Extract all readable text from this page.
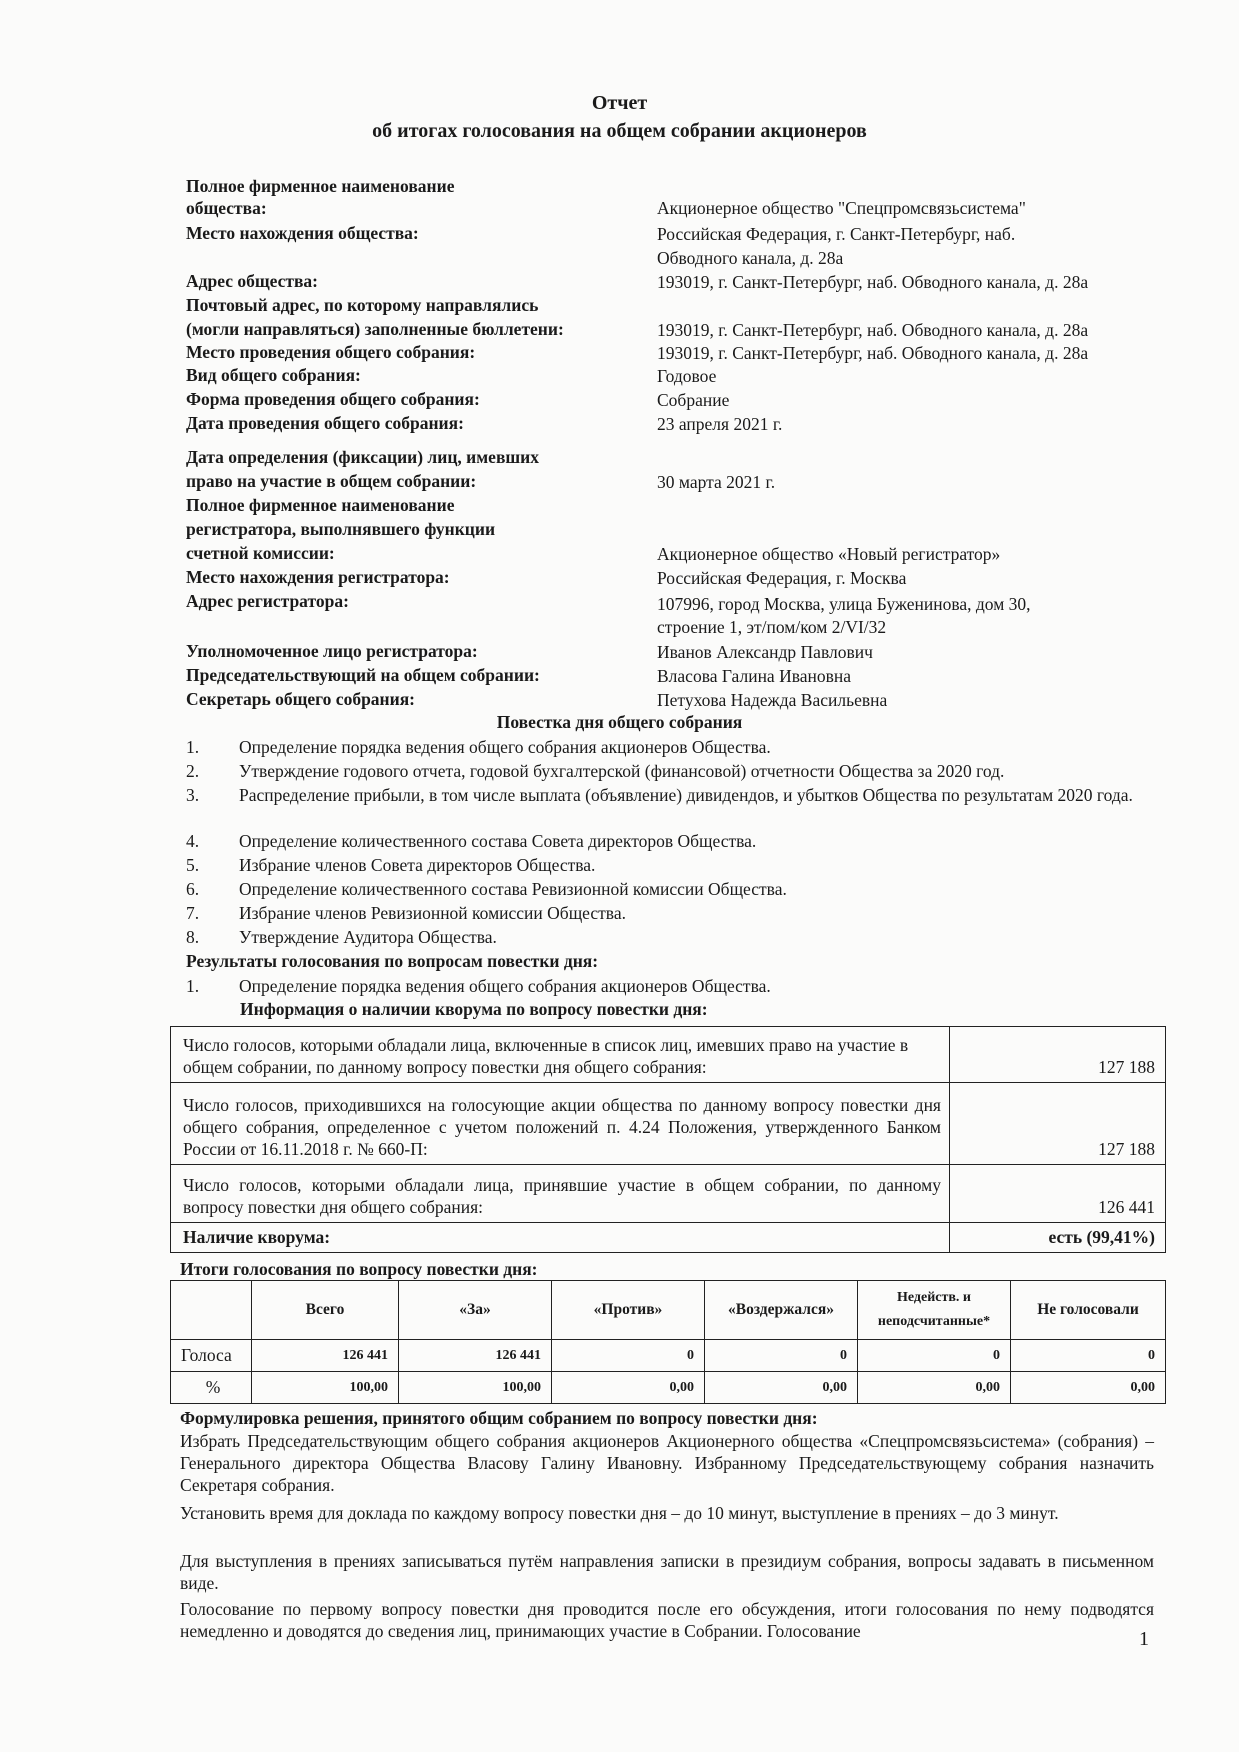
Отчет
об итогах голосования на общем собрании акционеров
Полное фирменное наименование
общества:	Акционерное общество "Спецпромсвязьсистема"
Место нахождения общества:	Российская Федерация, г. Санкт-Петербург, наб.
Обводного канала, д. 28а
Адрес общества:	193019, г. Санкт-Петербург, наб. Обводного канала, д. 28а
Почтовый адрес, по которому направлялись
(могли направляться) заполненные бюллетени:	193019, г. Санкт-Петербург, наб. Обводного канала, д. 28а
Место проведения общего собрания:	193019, г. Санкт-Петербург, наб. Обводного канала, д. 28а
Вид общего собрания:	Годовое
Форма проведения общего собрания:	Собрание
Дата проведения общего собрания:	23 апреля 2021 г.
Дата определения (фиксации) лиц, имевших
право на участие в общем собрании:	30 марта 2021 г.
Полное фирменное наименование
регистратора, выполнявшего функции
счетной комиссии:	Акционерное общество «Новый регистратор»
Место нахождения регистратора:	Российская Федерация, г. Москва
Адрес регистратора:	107996, город Москва, улица Буженинова, дом 30,
строение 1, эт/пом/ком 2/VI/32
Уполномоченное лицо регистратора:	Иванов Александр Павлович
Председательствующий на общем собрании:	Власова Галина Ивановна
Секретарь общего собрания:	Петухова Надежда Васильевна
Повестка дня общего собрания
1. Определение порядка ведения общего собрания акционеров Общества.
2. Утверждение годового отчета, годовой бухгалтерской (финансовой) отчетности Общества за 2020 год.
3. Распределение прибыли, в том числе выплата (объявление) дивидендов, и убытков Общества по результатам 2020 года.
4. Определение количественного состава Совета директоров Общества.
5. Избрание членов Совета директоров Общества.
6. Определение количественного состава Ревизионной комиссии Общества.
7. Избрание членов Ревизионной комиссии Общества.
8. Утверждение Аудитора Общества.
Результаты голосования по вопросам повестки дня:
1. Определение порядка ведения общего собрания акционеров Общества.
Информация о наличии кворума по вопросу повестки дня:
Число голосов, которыми обладали лица, включенные в список лиц, имевших право на участие в общем собрании, по данному вопросу повестки дня общего собрания:	127 188
Число голосов, приходившихся на голосующие акции общества по данному вопросу повестки дня общего собрания, определенное с учетом положений п. 4.24 Положения, утвержденного Банком России от 16.11.2018 г. № 660-П:	127 188
Число голосов, которыми обладали лица, принявшие участие в общем собрании, по данному вопросу повестки дня общего собрания:	126 441
Наличие кворума:	есть (99,41%)
Итоги голосования по вопросу повестки дня:
	Всего	«За»	«Против»	«Воздержался»	Недейств. и неподсчитанные*	Не голосовали
Голоса	126 441	126 441	0	0	0	0
%	100,00	100,00	0,00	0,00	0,00	0,00
Формулировка решения, принятого общим собранием по вопросу повестки дня:
Избрать Председательствующим общего собрания акционеров Акционерного общества «Спецпромсвязьсистема» (собрания) – Генерального директора Общества Власову Галину Ивановну. Избранному Председательствующему собрания назначить Секретаря собрания.
Установить время для доклада по каждому вопросу повестки дня – до 10 минут, выступление в прениях – до 3 минут.
Для выступления в прениях записываться путём направления записки в президиум собрания, вопросы задавать в письменном виде.
Голосование по первому вопросу повестки дня проводится после его обсуждения, итоги голосования по нему подводятся немедленно и доводятся до сведения лиц, принимающих участие в Собрании. Голосование	1
